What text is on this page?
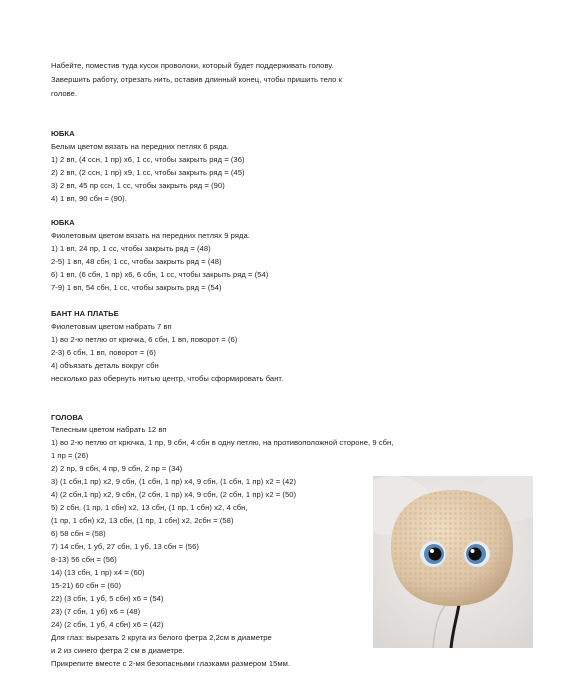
Набейте, поместив туда кусок проволоки, который будет поддерживать голову.
Завершить работу, отрезать нить, оставив длинный конец, чтобы пришить тело к
голове.
ЮБКА
Белым цветом вязать на передних петлях 6 ряда.
1) 2 вп, (4 ссн, 1 пр) х6, 1 сс, чтобы закрыть ряд = (36)
2) 2 вп, (2 ссн, 1 пр) х9, 1 сс, чтобы закрыть ряд = (45)
3) 2 вп, 45 пр ссн, 1 сс, чтобы закрыть ряд = (90)
4) 1 вп, 90 сбн = (90).
ЮБКА
Фиолетовым цветом вязать на передних петлях 9 ряда.
1) 1 вп, 24 пр, 1 сс, чтобы закрыть ряд = (48)
2-5) 1 вп, 48 сбн, 1 сс, чтобы закрыть ряд = (48)
6) 1 вп, (6 сбн, 1 пр) х6, 6 сбн, 1 сс, чтобы закрыть ряд = (54)
7-9) 1 вп, 54 сбн, 1 сс, чтобы закрыть ряд = (54)
БАНТ НА ПЛАТЬЕ
Фиолетовым цветом набрать 7 вп
1) во 2-ю петлю от крючка, 6 сбн, 1 вп, поворот = (6)
2-3) 6 сбн, 1 вп, поворот = (6)
4) объязать деталь вокруг сбн
несколько раз обернуть нитью центр, чтобы сформировать бант.
ГОЛОВА
Телесным цветом набрать 12 вп
1) во 2-ю петлю от крючка, 1 пр, 9 сбн, 4 сбн в одну петлю, на противоположной стороне, 9 сбн,
1 пр = (26)
2) 2 пр, 9 сбн, 4 пр, 9 сбн, 2 пр = (34)
3) (1 сбн,1 пр) х2, 9 сбн, (1 сбн, 1 пр) х4, 9 сбн, (1 сбн, 1 пр) х2 = (42)
4) (2 сбн,1 пр) х2, 9 сбн, (2 сбн, 1 пр) х4, 9 сбн, (2 сбн, 1 пр) х2 = (50)
5) 2 сбн, (1 пр, 1 сбн) х2, 13 сбн, (1 пр, 1 сбн) х2, 4 сбн,
(1 пр, 1 сбн) х2, 13 сбн, (1 пр, 1 сбн) х2, 2сбн = (58)
6) 58 сбн = (58)
7) 14 сбн, 1 уб, 27 сбн, 1 уб, 13 сбн = (56)
8-13) 56 сбн = (56)
14) (13 сбн, 1 пр) х4 = (60)
15-21) 60 сбн = (60)
22) (3 сбн, 1 уб, 5 сбн) х6 = (54)
23) (7 сбн, 1 уб) х6 = (48)
24) (2 сбн, 1 уб, 4 сбн) х6 = (42)
Для глаз: вырезать 2 круга из белого фетра 2,2см в диаметре
и 2 из синего фетра 2 см в диаметре.
Прикрепите вместе с 2-мя безопасными глазками размером 15мм.
